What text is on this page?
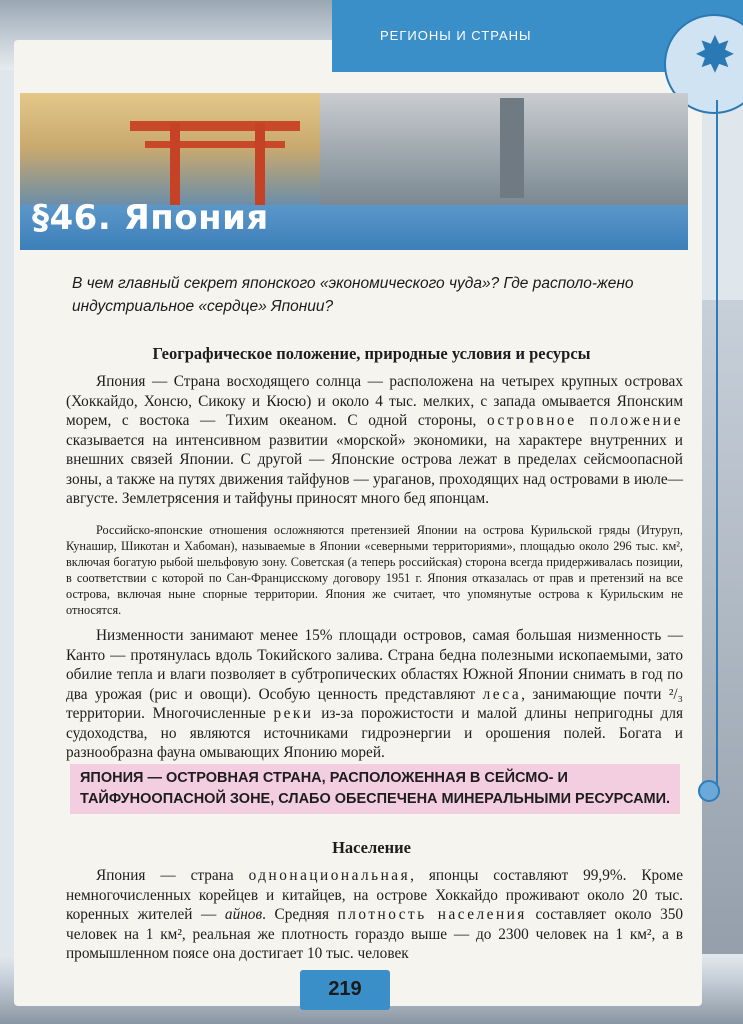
РЕГИОНЫ И СТРАНЫ	✸
§46. Япония
В чем главный секрет японского «экономического чуда»? Где располо-жено индустриальное «сердце» Японии?
Географическое положение, природные условия и ресурсы
Япония — Страна восходящего солнца — расположена на четырех крупных островах (Хоккайдо, Хонсю, Сикоку и Кюсю) и около 4 тыс. мелких, с запада омывается Японским морем, с востока — Тихим океаном. С одной стороны, островное положение сказывается на интенсивном развитии «морской» экономики, на характере внутренних и внешних связей Японии. С другой — Японские острова лежат в пределах сейсмоопасной зоны, а также на путях движения тайфунов — ураганов, проходящих над островами в июле—августе. Землетрясения и тайфуны приносят много бед японцам.
Российско-японские отношения осложняются претензией Японии на острова Курильской гряды (Итуруп, Кунашир, Шикотан и Хабоман), называемые в Японии «северными территориями», площадью около 296 тыс. км², включая богатую рыбой шельфовую зону. Советская (а теперь российская) сторона всегда придерживалась позиции, в соответствии с которой по Сан-Францисскому договору 1951 г. Япония отказалась от прав и претензий на все острова, включая ныне спорные территории. Япония же считает, что упомянутые острова к Курильским не относятся.
Низменности занимают менее 15% площади островов, самая большая низменность — Канто — протянулась вдоль Токийского залива. Страна бедна полезными ископаемыми, зато обилие тепла и влаги позволяет в субтропических областях Южной Японии снимать в год по два урожая (рис и овощи). Особую ценность представляют леса, занимающие почти ²/₃ территории. Многочисленные реки из-за порожистости и малой длины непригодны для судоходства, но являются источниками гидроэнергии и орошения полей. Богата и разнообразна фауна омывающих Японию морей.
ЯПОНИЯ — ОСТРОВНАЯ СТРАНА, РАСПОЛОЖЕННАЯ В СЕЙСМО- И ТАЙФУНООПАСНОЙ ЗОНЕ, СЛАБО ОБЕСПЕЧЕНА МИНЕРАЛЬНЫМИ РЕСУРСАМИ.
Население
Япония — страна однонациональная, японцы составляют 99,9%. Кроме немногочисленных корейцев и китайцев, на острове Хоккайдо проживают около 20 тыс. коренных жителей — айнов. Средняя плотность населения составляет около 350 человек на 1 км², реальная же плотность гораздо выше — до 2300 человек на 1 км², а в промышленном поясе она достигает 10 тыс. человек
219
